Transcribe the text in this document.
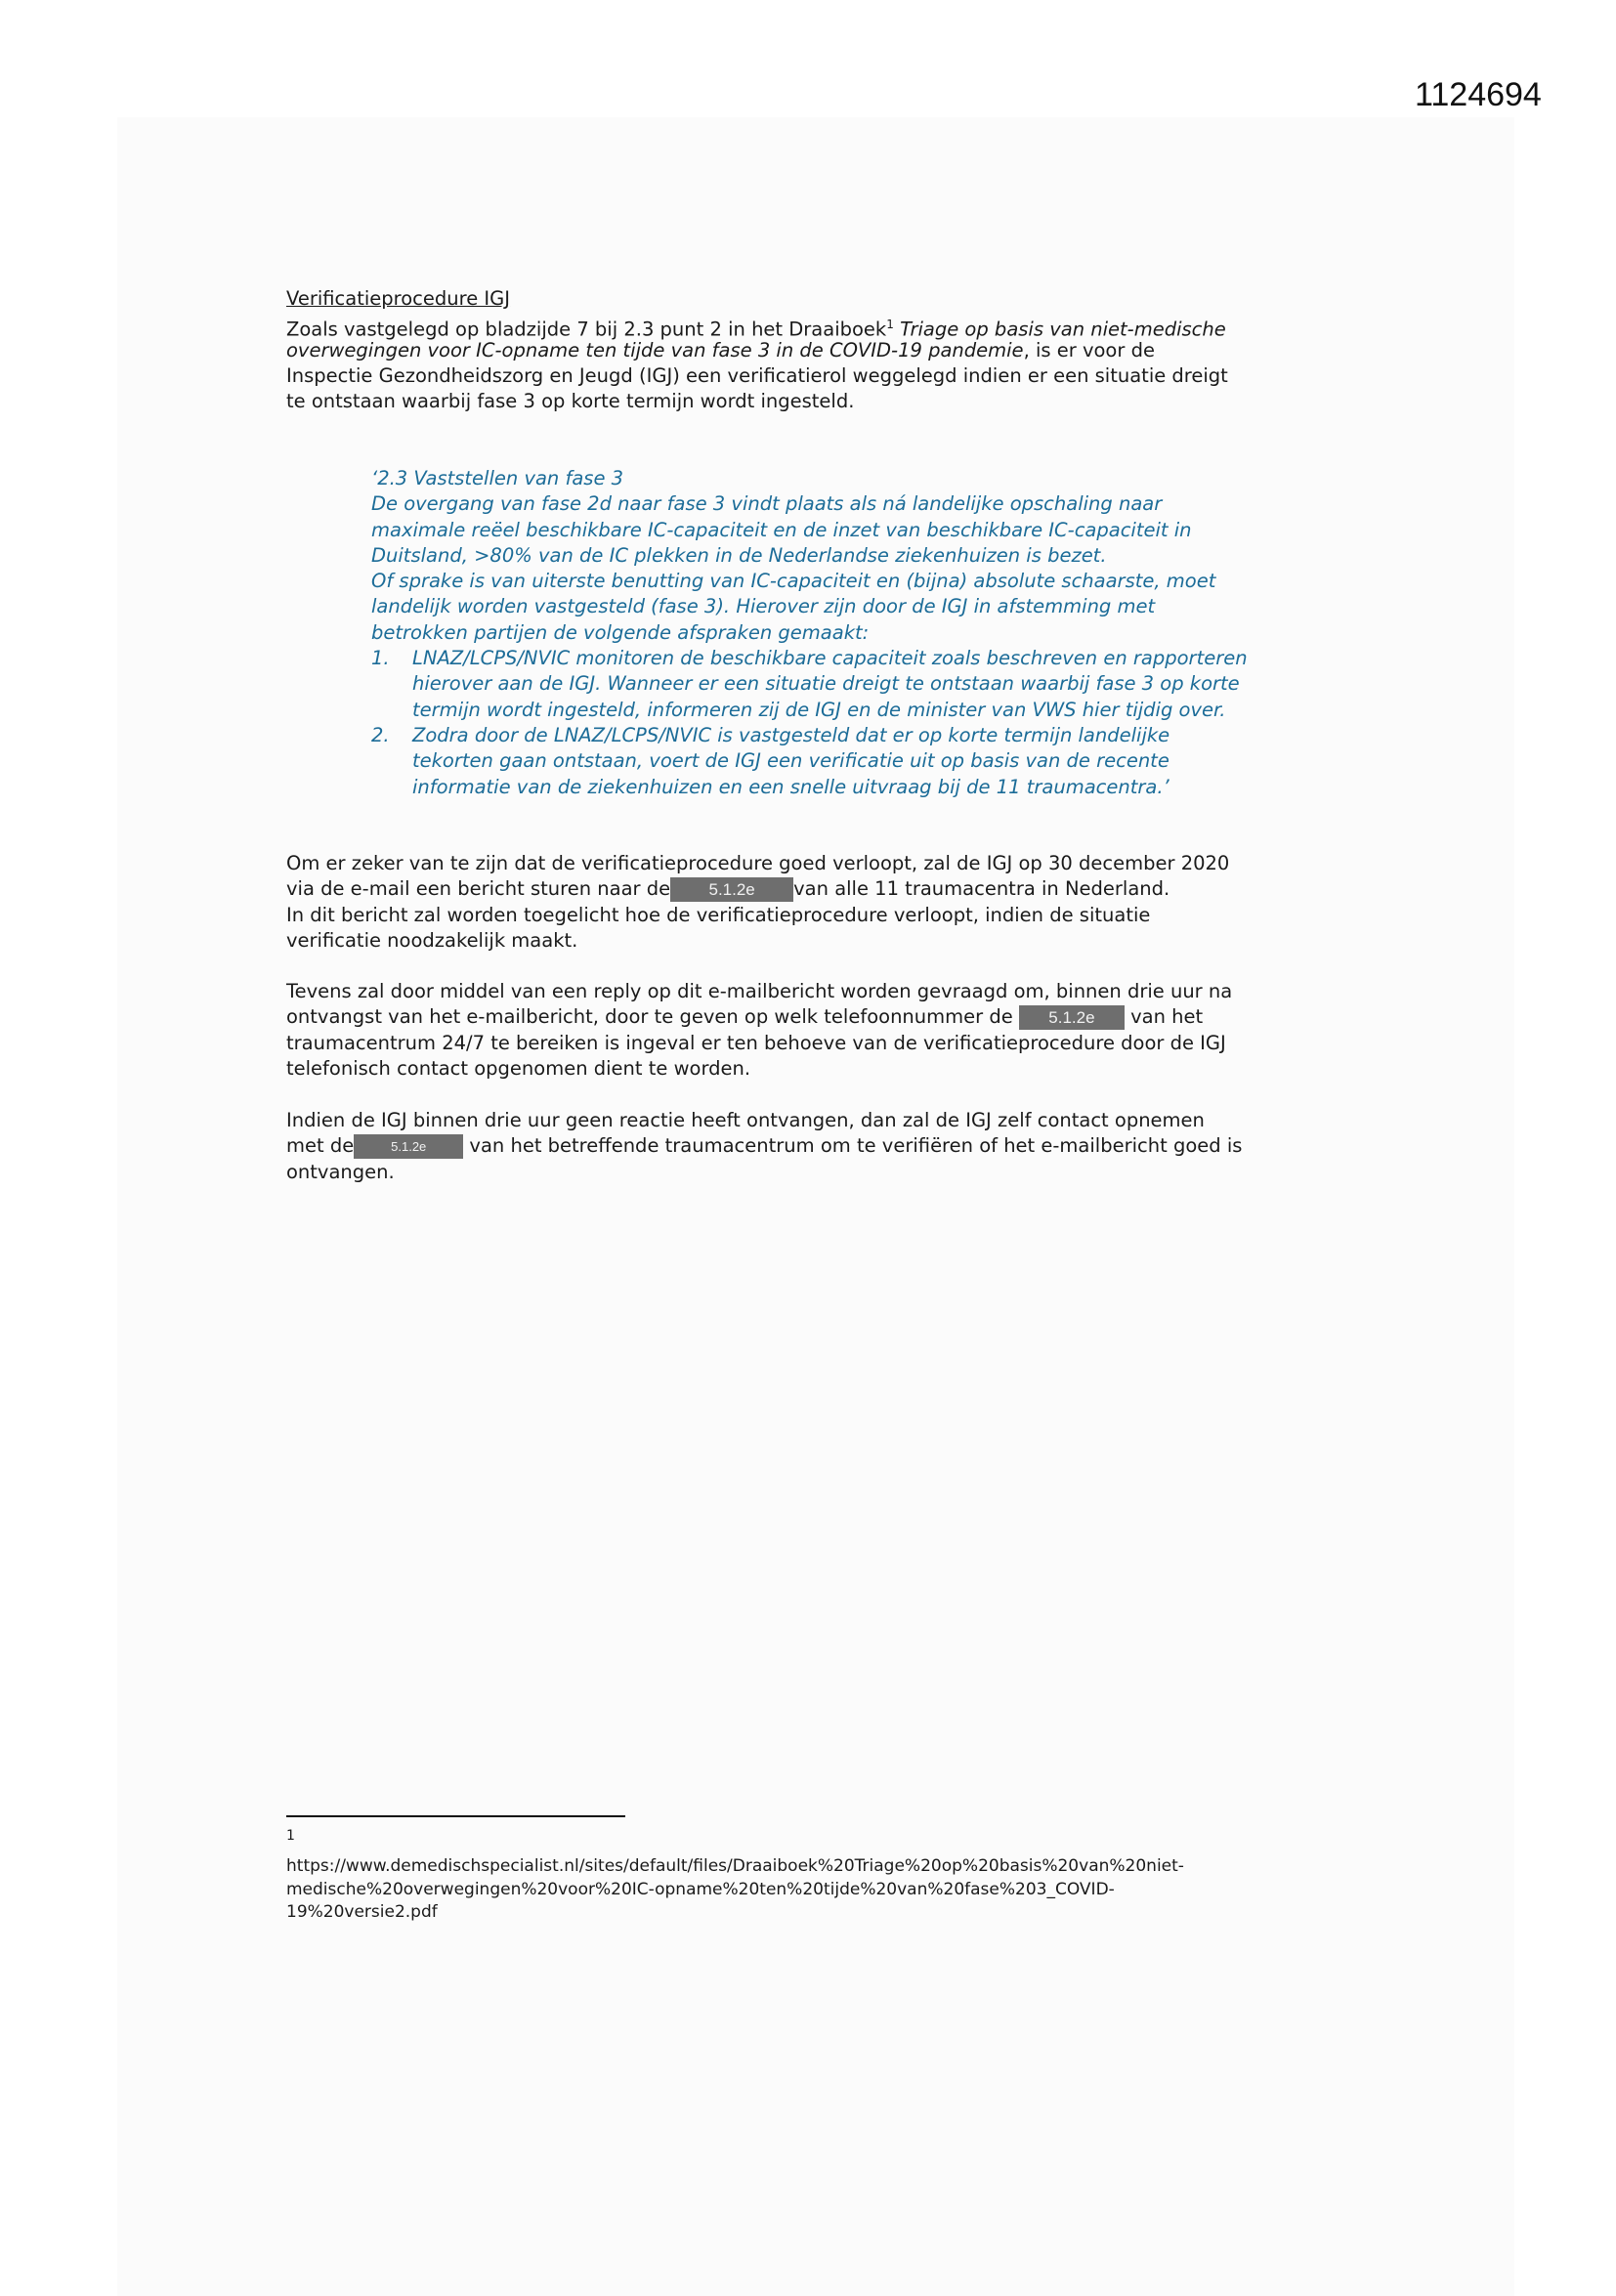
1124694
Verificatieprocedure IGJ
Zoals vastgelegd op bladzijde 7 bij 2.3 punt 2 in het Draaiboek$^1$ Triage op basis van niet-medische
overwegingen voor IC-opname ten tijde van fase 3 in de COVID-19 pandemie, is er voor de
Inspectie Gezondheidszorg en Jeugd (IGJ) een verificatierol weggelegd indien er een situatie dreigt
te ontstaan waarbij fase 3 op korte termijn wordt ingesteld.
‘2.3 Vaststellen van fase 3
De overgang van fase 2d naar fase 3 vindt plaats als ná landelijke opschaling naar
maximale reëel beschikbare IC-capaciteit en de inzet van beschikbare IC-capaciteit in
Duitsland, >80% van de IC plekken in de Nederlandse ziekenhuizen is bezet.
Of sprake is van uiterste benutting van IC-capaciteit en (bijna) absolute schaarste, moet
landelijk worden vastgesteld (fase 3). Hierover zijn door de IGJ in afstemming met
betrokken partijen de volgende afspraken gemaakt:
1. LNAZ/LCPS/NVIC monitoren de beschikbare capaciteit zoals beschreven en rapporteren
hierover aan de IGJ. Wanneer er een situatie dreigt te ontstaan waarbij fase 3 op korte
termijn wordt ingesteld, informeren zij de IGJ en de minister van VWS hier tijdig over.
2. Zodra door de LNAZ/LCPS/NVIC is vastgesteld dat er op korte termijn landelijke
tekorten gaan ontstaan, voert de IGJ een verificatie uit op basis van de recente
informatie van de ziekenhuizen en een snelle uitvraag bij de 11 traumacentra.’
Om er zeker van te zijn dat de verificatieprocedure goed verloopt, zal de IGJ op 30 december 2020
via de e-mail een bericht sturen naar de 5.1.2e van alle 11 traumacentra in Nederland.
In dit bericht zal worden toegelicht hoe de verificatieprocedure verloopt, indien de situatie
verificatie noodzakelijk maakt.
Tevens zal door middel van een reply op dit e-mailbericht worden gevraagd om, binnen drie uur na
ontvangst van het e-mailbericht, door te geven op welk telefoonnummer de 5.1.2e van het
traumacentrum 24/7 te bereiken is ingeval er ten behoeve van de verificatieprocedure door de IGJ
telefonisch contact opgenomen dient te worden.
Indien de IGJ binnen drie uur geen reactie heeft ontvangen, dan zal de IGJ zelf contact opnemen
met de	5.1.2e van het betreffende traumacentrum om te verifiëren of het e-mailbericht goed is
ontvangen.
1
https://www.demedischspecialist.nl/sites/default/files/Draaiboek%20Triage%20op%20basis%20van%20niet-
medische%20overwegingen%20voor%20IC-opname%20ten%20tijde%20van%20fase%203_COVID-
19%20versie2.pdf
